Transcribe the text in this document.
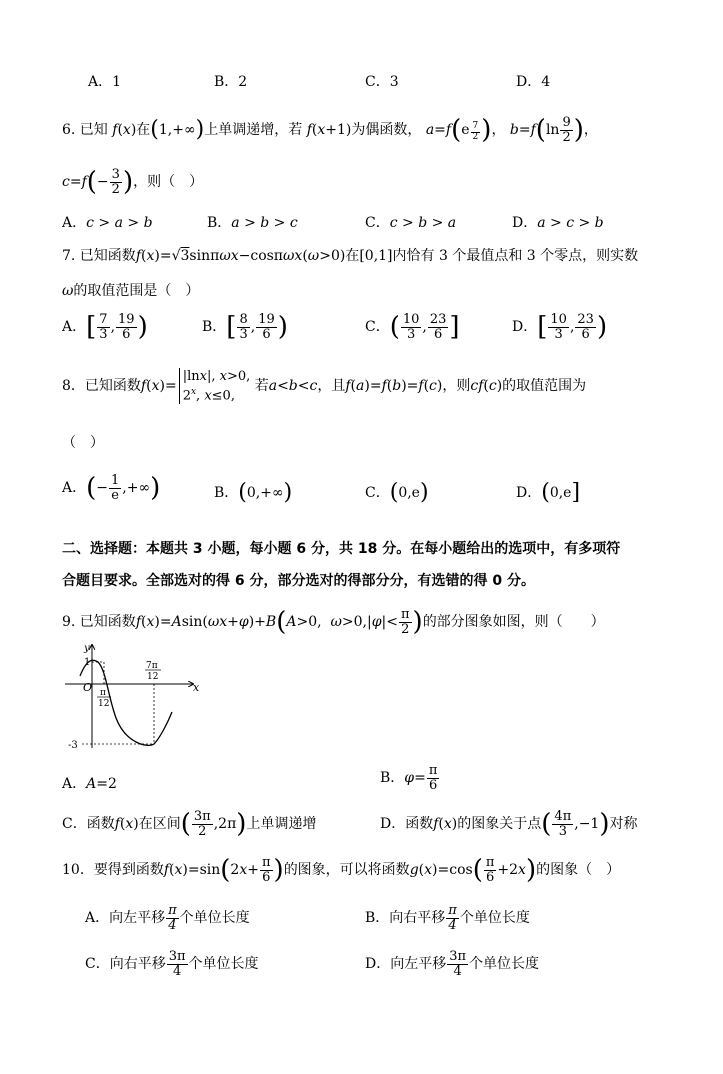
A．1	B．2	C．3	D．4
6. 已知 f(x)在(1,+∞)上单调递增，若 f(x+1)为偶函数， $a=f(e \frac{7}{2}$ )， $b=f(\ln \frac{9}{2}$ )，
$c=f(- \frac{3}{2}$ )，则（　）
A．c > a > b	B．a > b > c	C．c > b > a	D．a > c > b
7. 已知函数f(x)=√3sinπωx−cosπωx(ω>0)在[0,1]内恰有 3 个最值点和 3 个零点，则实数
ω的取值范围是（　）
A．[ $\frac{7}{3}$ , $\frac{19}{6}$ )	B．[ $\frac{8}{3}$ , $\frac{19}{6}$ )	C．( $\frac{10}{3}$ , $\frac{23}{6}$ ]	D．[ $\frac{10}{3}$ , $\frac{23}{6}$ )
8．已知函数f(x)=
|lnx|, x>0,
2$^x$, x≤0,
若a<b<c，且f(a)=f(b)=f(c)，则cf(c)的取值范围为
（　）
A．(− $\frac{1}{e}$ ,+∞)	B．(0,+∞)	C．(0,e)	D．(0,e]
二、选择题：本题共 3 小题，每小题 6 分，共 18 分。在每小题给出的选项中，有多项符
合题目要求。全部选对的得 6 分，部分选对的得部分分，有选错的得 0 分。
9. 已知函数f(x)=Asin(ωx+φ)+B(A>0,  $\omega>0,|\varphi|< \frac{\pi}{2}$ )的部分图象如图，则（　　）
y
x
O
1
-3
π
12
7π
12
A．A=2	B．$\varphi= \frac{\pi}{6}$
C．函数f(x)在区间( $\frac{3\pi}{2} ,2\pi$)上单调递增	D．函数f(x)的图象关于点( $\frac{4\pi}{3} ,-1$)对称
10．要得到函数$f(x)=\sin(2x+ \frac{\pi}{6}$ )的图象，可以将函数$g(x)=\cos( \frac{\pi}{6} +2x)$的图象（　）
A．向左平移 $\frac{\pi}{4}$ 个单位长度	B．向右平移 $\frac{\pi}{4}$ 个单位长度
C．向右平移 $\frac{3\pi}{4}$ 个单位长度	D．向左平移 $\frac{3\pi}{4}$ 个单位长度
